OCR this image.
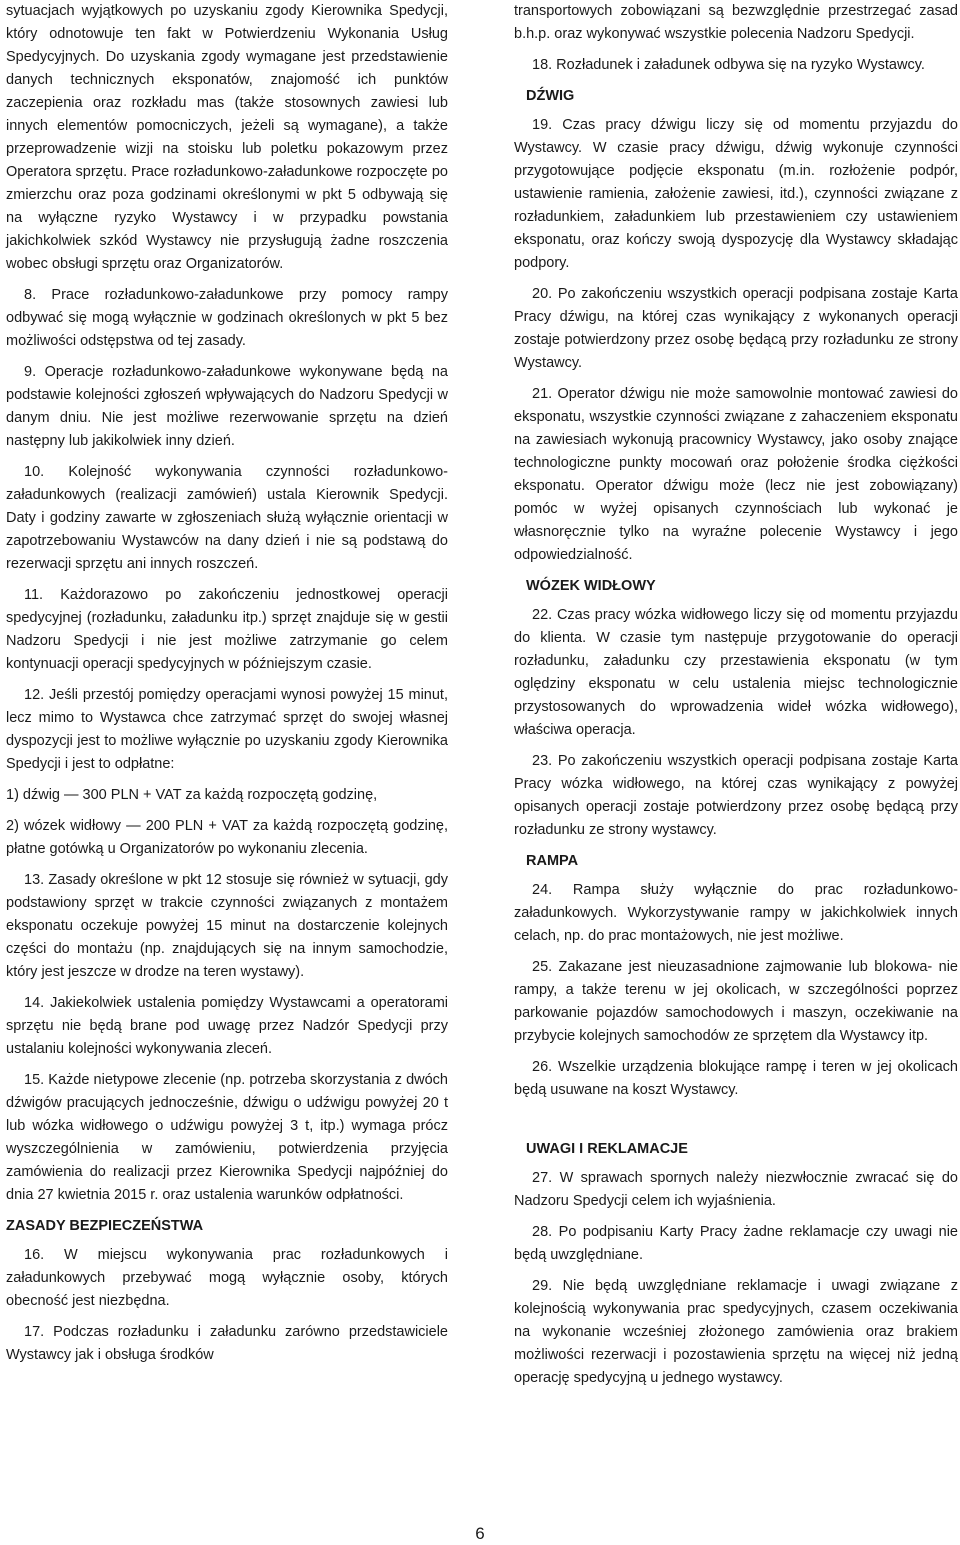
sytuacjach wyjątkowych po uzyskaniu zgody Kierownika Spedycji, który odnotowuje ten fakt w Potwierdzeniu Wykonania Usług Spedycyjnych. Do uzyskania zgody wymagane jest przedstawienie danych technicznych eksponatów, znajomość ich punktów zaczepienia oraz rozkładu mas (także stosownych zawiesi lub innych elementów pomocniczych, jeżeli są wymagane), a także przeprowadzenie wizji na stoisku lub poletku pokazowym przez Operatora sprzętu. Prace rozładunkowo-załadunkowe rozpoczęte po zmierzchu oraz poza godzinami określonymi w pkt 5 odbywają się na wyłączne ryzyko Wystawcy i w przypadku powstania jakichkolwiek szkód Wystawcy nie przysługują żadne roszczenia wobec obsługi sprzętu oraz Organizatorów.

8. Prace rozładunkowo-załadunkowe przy pomocy rampy odbywać się mogą wyłącznie w godzinach określonych w pkt 5 bez możliwości odstępstwa od tej zasady.

9. Operacje rozładunkowo-załadunkowe wykonywane będą na podstawie kolejności zgłoszeń wpływających do Nadzoru Spedycji w danym dniu. Nie jest możliwe rezerwowanie sprzętu na dzień następny lub jakikolwiek inny dzień.

10. Kolejność wykonywania czynności rozładunkowo-załadunkowych (realizacji zamówień) ustala Kierownik Spedycji. Daty i godziny zawarte w zgłoszeniach służą wyłącznie orientacji w zapotrzebowaniu Wystawców na dany dzień i nie są podstawą do rezerwacji sprzętu ani innych roszczeń.

11. Każdorazowo po zakończeniu jednostkowej operacji spedycyjnej (rozładunku, załadunku itp.) sprzęt znajduje się w gestii Nadzoru Spedycji i nie jest możliwe zatrzymanie go celem kontynuacji operacji spedycyjnych w późniejszym czasie.

12. Jeśli przestój pomiędzy operacjami wynosi powyżej 15 minut, lecz mimo to Wystawca chce zatrzymać sprzęt do swojej własnej dyspozycji jest to możliwe wyłącznie po uzyskaniu zgody Kierownika Spedycji i jest to odpłatne:

1) dźwig — 300 PLN + VAT za każdą rozpoczętą godzinę,

2) wózek widłowy — 200 PLN + VAT za każdą rozpoczętą godzinę, płatne gotówką u Organizatorów po wykonaniu zlecenia.

13. Zasady określone w pkt 12 stosuje się również w sytuacji, gdy podstawiony sprzęt w trakcie czynności związanych z montażem eksponatu oczekuje powyżej 15 minut na dostarczenie kolejnych części do montażu (np. znajdujących się na innym samochodzie, który jest jeszcze w drodze na teren wystawy).

14. Jakiekolwiek ustalenia pomiędzy Wystawcami a operatorami sprzętu nie będą brane pod uwagę przez Nadzór Spedycji przy ustalaniu kolejności wykonywania zleceń.

15. Każde nietypowe zlecenie (np. potrzeba skorzystania z dwóch dźwigów pracujących jednocześnie, dźwigu o udźwigu powyżej 20 t lub wózka widłowego o udźwigu powyżej 3 t, itp.) wymaga prócz wyszczególnienia w zamówieniu, potwierdzenia przyjęcia zamówienia do realizacji przez Kierownika Spedycji najpóźniej do dnia 27 kwietnia 2015 r. oraz ustalenia warunków odpłatności.

ZASADY BEZPIECZEŃSTWA

16. W miejscu wykonywania prac rozładunkowych i załadunkowych przebywać mogą wyłącznie osoby, których obecność jest niezbędna.

17. Podczas rozładunku i załadunku zarówno przedstawiciele Wystawcy jak i obsługa środków

transportowych zobowiązani są bezwzględnie przestrzegać zasad b.h.p. oraz wykonywać wszystkie polecenia Nadzoru Spedycji.

18. Rozładunek i załadunek odbywa się na ryzyko Wystawcy.

DŹWIG

19. Czas pracy dźwigu liczy się od momentu przyjazdu do Wystawcy. W czasie pracy dźwigu, dźwig wykonuje czynności przygotowujące podjęcie eksponatu (m.in. rozłożenie podpór, ustawienie ramienia, założenie zawiesi, itd.), czynności związane z rozładunkiem, załadunkiem lub przestawieniem czy ustawieniem eksponatu, oraz kończy swoją dyspozycję dla Wystawcy składając podpory.

20. Po zakończeniu wszystkich operacji podpisana zostaje Karta Pracy dźwigu, na której czas wynikający z wykonanych operacji zostaje potwierdzony przez osobę będącą przy rozładunku ze strony Wystawcy.

21. Operator dźwigu nie może samowolnie montować zawiesi do eksponatu, wszystkie czynności związane z zahaczeniem eksponatu na zawiesiach wykonują pracownicy Wystawcy, jako osoby znające technologiczne punkty mocowań oraz położenie środka ciężkości eksponatu. Operator dźwigu może (lecz nie jest zobowiązany) pomóc w wyżej opisanych czynnościach lub wykonać je własnoręcznie tylko na wyraźne polecenie Wystawcy i jego odpowiedzialność.

WÓZEK WIDŁOWY

22. Czas pracy wózka widłowego liczy się od momentu przyjazdu do klienta. W czasie tym następuje przygotowanie do operacji rozładunku, załadunku czy przestawienia eksponatu (w tym oględziny eksponatu w celu ustalenia miejsc technologicznie przystosowanych do wprowadzenia wideł wózka widłowego), właściwa operacja.

23. Po zakończeniu wszystkich operacji podpisana zostaje Karta Pracy wózka widłowego, na której czas wynikający z powyżej opisanych operacji zostaje potwierdzony przez osobę będącą przy rozładunku ze strony wystawcy.

RAMPA

24. Rampa służy wyłącznie do prac rozładunkowo-załadunkowych. Wykorzystywanie rampy w jakichkolwiek innych celach, np. do prac montażowych, nie jest możliwe.

25. Zakazane jest nieuzasadnione zajmowanie lub blokowa- nie rampy, a także terenu w jej okolicach, w szczególności poprzez parkowanie pojazdów samochodowych i maszyn, oczekiwanie na przybycie kolejnych samochodów ze sprzętem dla Wystawcy itp.

26. Wszelkie urządzenia blokujące rampę i teren w jej okolicach będą usuwane na koszt Wystawcy.

UWAGI I REKLAMACJE

27. W sprawach spornych należy niezwłocznie zwracać się do Nadzoru Spedycji celem ich wyjaśnienia.

28. Po podpisaniu Karty Pracy żadne reklamacje czy uwagi nie będą uwzględniane.

29. Nie będą uwzględniane reklamacje i uwagi związane z kolejnością wykonywania prac spedycyjnych, czasem oczekiwania na wykonanie wcześniej złożonego zamówienia oraz brakiem możliwości rezerwacji i pozostawienia sprzętu na więcej niż jedną operację spedycyjną u jednego wystawcy.

6
